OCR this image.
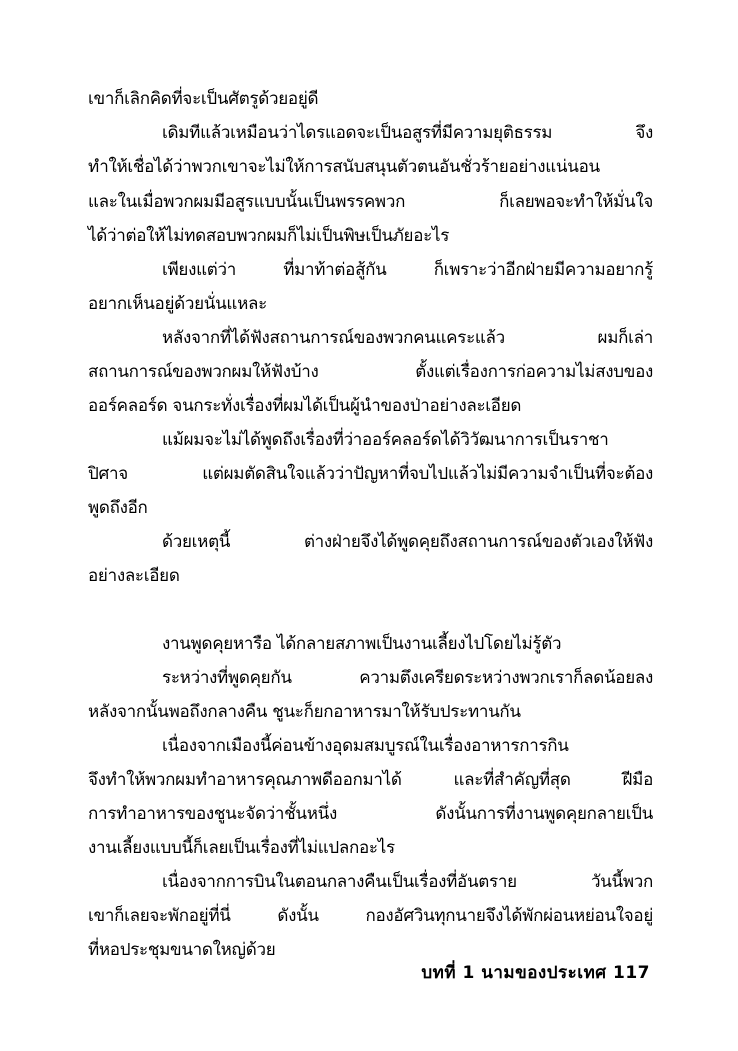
เขาก็เลิกคิดที่จะเป็นศัตรูด้วยอยู่ดี
เดิมทีแล้วเหมือนว่าไดรแอดจะเป็นอสูรที่มีความยุติธรรม จึง
ทำให้เชื่อได้ว่าพวกเขาจะไม่ให้การสนับสนุนตัวตนอันชั่วร้ายอย่างแน่นอน
และในเมื่อพวกผมมีอสูรแบบนั้นเป็นพรรคพวก ก็เลยพอจะทำให้มั่นใจ
ได้ว่าต่อให้ไม่ทดสอบพวกผมก็ไม่เป็นพิษเป็นภัยอะไร
เพียงแต่ว่า ที่มาท้าต่อสู้กัน ก็เพราะว่าอีกฝ่ายมีความอยากรู้
อยากเห็นอยู่ด้วยนั่นแหละ
หลังจากที่ได้ฟังสถานการณ์ของพวกคนแคระแล้ว ผมก็เล่า
สถานการณ์ของพวกผมให้ฟังบ้าง ตั้งแต่เรื่องการก่อความไม่สงบของ
ออร์คลอร์ด จนกระทั่งเรื่องที่ผมได้เป็นผู้นำของป่าอย่างละเอียด
แม้ผมจะไม่ได้พูดถึงเรื่องที่ว่าออร์คลอร์ดได้วิวัฒนาการเป็นราชา
ปิศาจ แต่ผมตัดสินใจแล้วว่าปัญหาที่จบไปแล้วไม่มีความจำเป็นที่จะต้อง
พูดถึงอีก
ด้วยเหตุนี้ ต่างฝ่ายจึงได้พูดคุยถึงสถานการณ์ของตัวเองให้ฟัง
อย่างละเอียด
งานพูดคุยหารือ ได้กลายสภาพเป็นงานเลี้ยงไปโดยไม่รู้ตัว
ระหว่างที่พูดคุยกัน ความตึงเครียดระหว่างพวกเราก็ลดน้อยลง
หลังจากนั้นพอถึงกลางคืน ชูนะก็ยกอาหารมาให้รับประทานกัน
เนื่องจากเมืองนี้ค่อนข้างอุดมสมบูรณ์ในเรื่องอาหารการกิน
จึงทำให้พวกผมทำอาหารคุณภาพดีออกมาได้ และที่สำคัญที่สุด ฝีมือ
การทำอาหารของชูนะจัดว่าชั้นหนึ่ง ดังนั้นการที่งานพูดคุยกลายเป็น
งานเลี้ยงแบบนี้ก็เลยเป็นเรื่องที่ไม่แปลกอะไร
เนื่องจากการบินในตอนกลางคืนเป็นเรื่องที่อันตราย วันนี้พวก
เขาก็เลยจะพักอยู่ที่นี่ ดังนั้น กองอัศวินทุกนายจึงได้พักผ่อนหย่อนใจอยู่
ที่หอประชุมขนาดใหญ่ด้วย
บทที่ 1 นามของประเทศ 117
